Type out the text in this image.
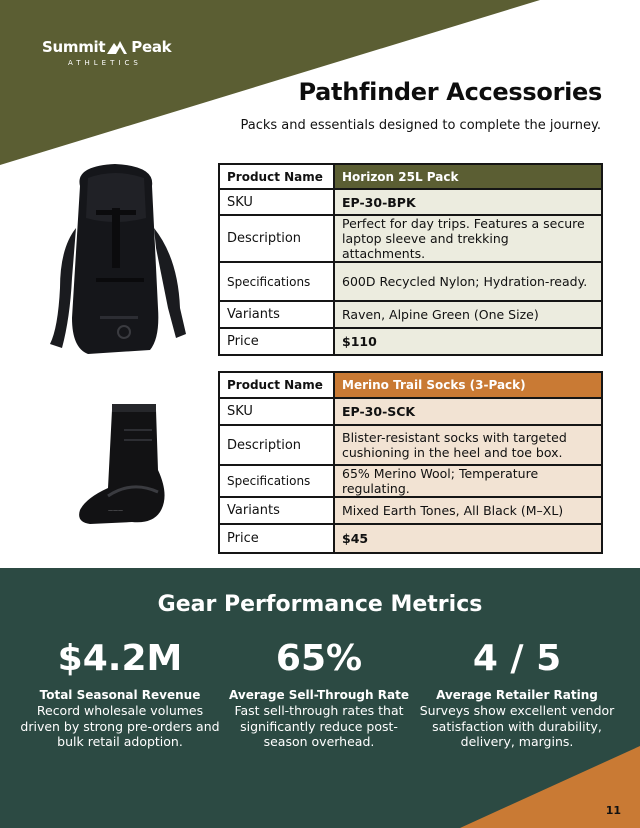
Summit Peak
ATHLETICS
Pathfinder Accessories
Packs and essentials designed to complete the journey.
———
Product Name	Horizon 25L Pack
SKU	EP-30-BPK
Description	Perfect for day trips. Features a secure laptop sleeve and trekking attachments.
Specifications	600D Recycled Nylon; Hydration-ready.
Variants	Raven, Alpine Green (One Size)
Price	$110
Product Name	Merino Trail Socks (3-Pack)
SKU	EP-30-SCK
Description	Blister-resistant socks with targeted cushioning in the heel and toe box.
Specifications	65% Merino Wool; Temperature regulating.
Variants	Mixed Earth Tones, All Black (M–XL)
Price	$45
Gear Performance Metrics
$4.2M
Total Seasonal Revenue
Record wholesale volumes driven by strong pre-orders and bulk retail adoption.
65%
Average Sell-Through Rate
Fast sell-through rates that significantly reduce post-season overhead.
4 / 5
Average Retailer Rating
Surveys show excellent vendor satisfaction with durability, delivery, margins.
11
